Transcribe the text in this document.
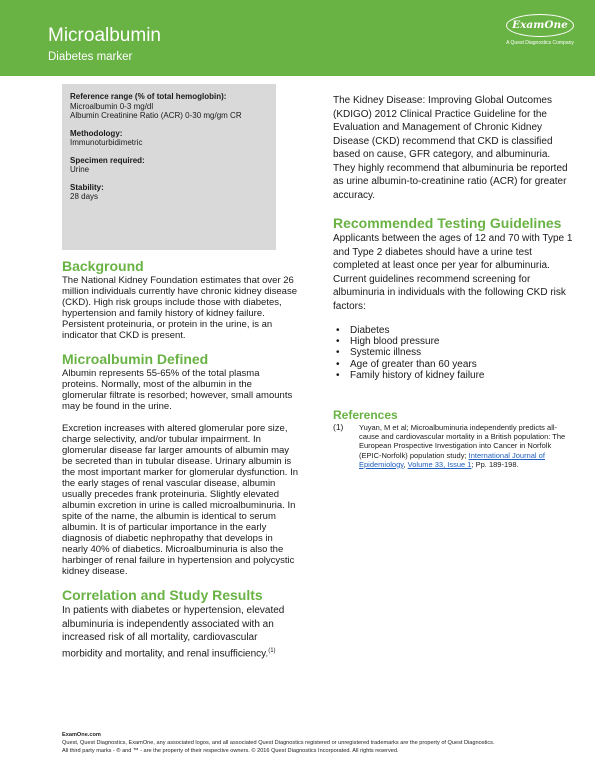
Microalbumin
Diabetes marker
ExamOne
A Quest Diagnostics Company
Reference range (% of total hemoglobin):
Microalbumin 0-3 mg/dl
Albumin Creatinine Ratio (ACR) 0-30 mg/gm CR
Methodology:
Immunoturbidimetric
Specimen required:
Urine
Stability:
28 days
Background

The National Kidney Foundation estimates that over 26 million individuals currently have chronic kidney disease (CKD). High risk groups include those with diabetes, hypertension and family history of kidney failure. Persistent proteinuria, or protein in the urine, is an indicator that CKD is present.

Microalbumin Defined

Albumin represents 55-65% of the total plasma proteins. Normally, most of the albumin in the glomerular filtrate is resorbed; however, small amounts may be found in the urine.

Excretion increases with altered glomerular pore size, charge selectivity, and/or tubular impairment. In glomerular disease far larger amounts of albumin may be secreted than in tubular disease. Urinary albumin is the most important marker for glomerular dysfunction. In the early stages of renal vascular disease, albumin usually precedes frank proteinuria. Slightly elevated albumin excretion in urine is called microalbuminuria. In spite of the name, the albumin is identical to serum albumin. It is of particular importance in the early diagnosis of diabetic nephropathy that develops in nearly 40% of diabetics. Microalbuminuria is also the harbinger of renal failure in hypertension and polycystic kidney disease.

Correlation and Study Results

In patients with diabetes or hypertension, elevated albuminuria is independently associated with an increased risk of all mortality, cardiovascular morbidity and mortality, and renal insufficiency.$^{(1)}$

The Kidney Disease: Improving Global Outcomes (KDIGO) 2012 Clinical Practice Guideline for the Evaluation and Management of Chronic Kidney Disease (CKD) recommend that CKD is classified based on cause, GFR category, and albuminuria. They highly recommend that albuminuria be reported as urine albumin-to-creatinine ratio (ACR) for greater accuracy.

Recommended Testing Guidelines

Applicants between the ages of 12 and 70 with Type 1 and Type 2 diabetes should have a urine test completed at least once per year for albuminuria. Current guidelines recommend screening for albuminuria in individuals with the following CKD risk factors:

• Diabetes
• High blood pressure
• Systemic illness
• Age of greater than 60 years
• Family history of kidney failure
References
(1) Yuyan, M et al; Microalbuminuria independently predicts all-cause and cardiovascular mortality in a British population: The European Prospective Investigation into Cancer in Norfolk (EPIC-Norfolk) population study; International Journal of Epidemiology, Volume 33, Issue 1; Pp. 189-198.
ExamOne.com
Quest, Quest Diagnostics, ExamOne, any associated logos, and all associated Quest Diagnostics registered or unregistered trademarks are the property of Quest Diagnostics.
All third party marks - ® and ™ - are the property of their respective owners. © 2016 Quest Diagnostics Incorporated. All rights reserved.
